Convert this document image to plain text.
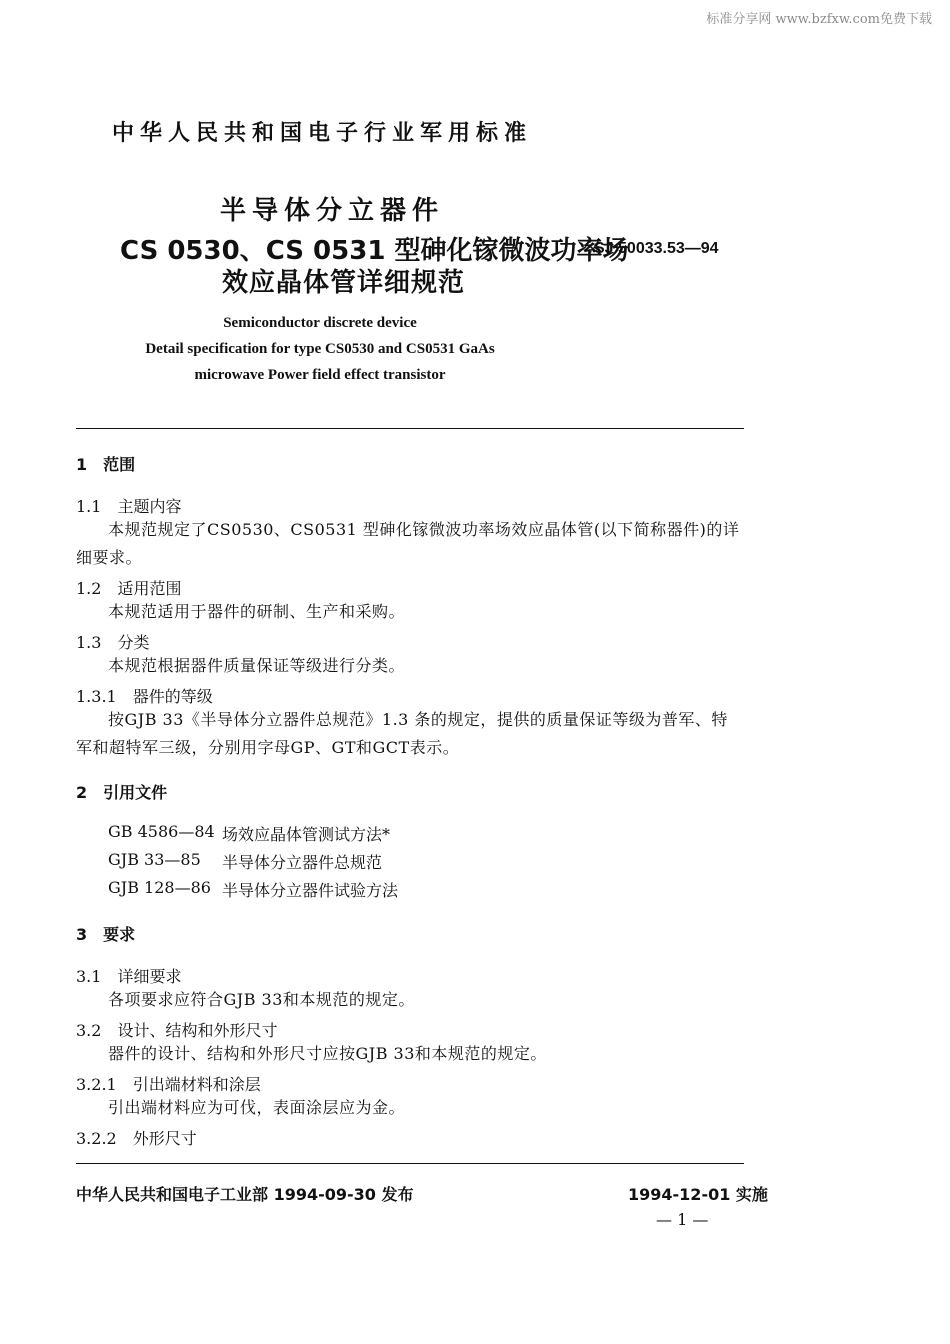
标准分享网 www.bzfxw.com免费下载
中华人民共和国电子行业军用标准
半导体分立器件
CS 0530、CS 0531 型砷化镓微波功率场
效应晶体管详细规范
SJ 50033.53—94
Semiconductor discrete device
Detail specification for type CS0530 and CS0531 GaAs
microwave Power field effect transistor
1　范围
1.1　主题内容
本规范规定了CS0530、CS0531 型砷化镓微波功率场效应晶体管(以下简称器件)的详细要求。
1.2　适用范围
本规范适用于器件的研制、生产和采购。
1.3　分类
本规范根据器件质量保证等级进行分类。
1.3.1　器件的等级
按GJB 33《半导体分立器件总规范》1.3 条的规定，提供的质量保证等级为普军、特军和超特军三级，分别用字母GP、GT和GCT表示。
2　引用文件
GB 4586—84 场效应晶体管测试方法*
GJB 33—85 半导体分立器件总规范
GJB 128—86 半导体分立器件试验方法
3　要求
3.1　详细要求
各项要求应符合GJB 33和本规范的规定。
3.2　设计、结构和外形尺寸
器件的设计、结构和外形尺寸应按GJB 33和本规范的规定。
3.2.1　引出端材料和涂层
引出端材料应为可伐，表面涂层应为金。
3.2.2　外形尺寸
中华人民共和国电子工业部 1994-09-30 发布	1994-12-01 实施
— 1 —
